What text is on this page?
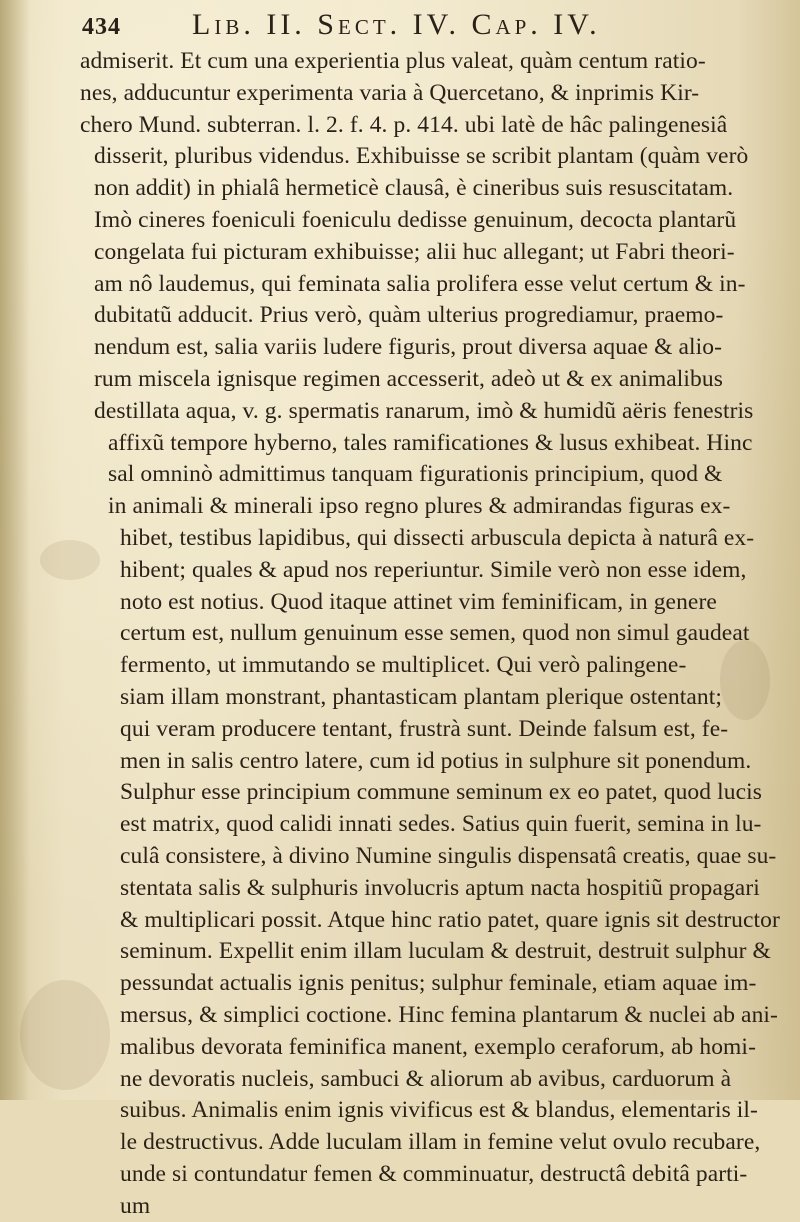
434 Lib. II. Sect. IV. Cap. IV.
admiserit. Et cum una experientia plus valeat, quàm centum ratio-
nes, adducuntur experimenta varia à Quercetano, & inprimis Kir-
chero Mund. subterran. l. 2. f. 4. p. 414. ubi latè de hâc palingenesiâ
disserit, pluribus videndus. Exhibuisse se scribit plantam (quàm verò
non addit) in phialâ hermeticè clausâ, è cineribus suis resuscitatam.
Imò cineres foeniculi foeniculu dedisse genuinum, decocta plantarũ
congelata fui picturam exhibuisse; alii huc allegant; ut Fabri theori-
am nô laudemus, qui feminata salia prolifera esse velut certum & in-
dubitatũ adducit. Prius verò, quàm ulterius progrediamur, praemo-
nendum est, salia variis ludere figuris, prout diversa aquae & alio-
rum miscela ignisque regimen accesserit, adeò ut & ex animalibus
destillata aqua, v. g. spermatis ranarum, imò & humidũ aëris fenestris
affixũ tempore hyberno, tales ramificationes & lusus exhibeat. Hinc
sal omninò admittimus tanquam figurationis principium, quod &
in animali & minerali ipso regno plures & admirandas figuras ex-
hibet, testibus lapidibus, qui dissecti arbuscula depicta à naturâ ex-
hibent; quales & apud nos reperiuntur. Simile verò non esse idem,
noto est notius. Quod itaque attinet vim feminificam, in genere
certum est, nullum genuinum esse semen, quod non simul gaudeat
fermento, ut immutando se multiplicet. Qui verò palingene-
siam illam monstrant, phantasticam plantam plerique ostentant;
qui veram producere tentant, frustrà sunt. Deinde falsum est, fe-
men in salis centro latere, cum id potius in sulphure sit ponendum.
Sulphur esse principium commune seminum ex eo patet, quod lucis
est matrix, quod calidi innati sedes. Satius quin fuerit, semina in lu-
culâ consistere, à divino Numine singulis dispensatâ creatis, quae su-
stentata salis & sulphuris involucris aptum nacta hospitiũ propagari
& multiplicari possit. Atque hinc ratio patet, quare ignis sit destructor
seminum. Expellit enim illam luculam & destruit, destruit sulphur &
pessundat actualis ignis penitus; sulphur feminale, etiam aquae im-
mersus, & simplici coctione. Hinc femina plantarum & nuclei ab ani-
malibus devorata feminifica manent, exemplo ceraforum, ab homi-
ne devoratis nucleis, sambuci & aliorum ab avibus, carduorum à
suibus. Animalis enim ignis vivificus est & blandus, elementaris il-
le destructivus. Adde luculam illam in femine velut ovulo recubare,
unde si contundatur femen & comminuatur, destructâ debitâ parti-
um
